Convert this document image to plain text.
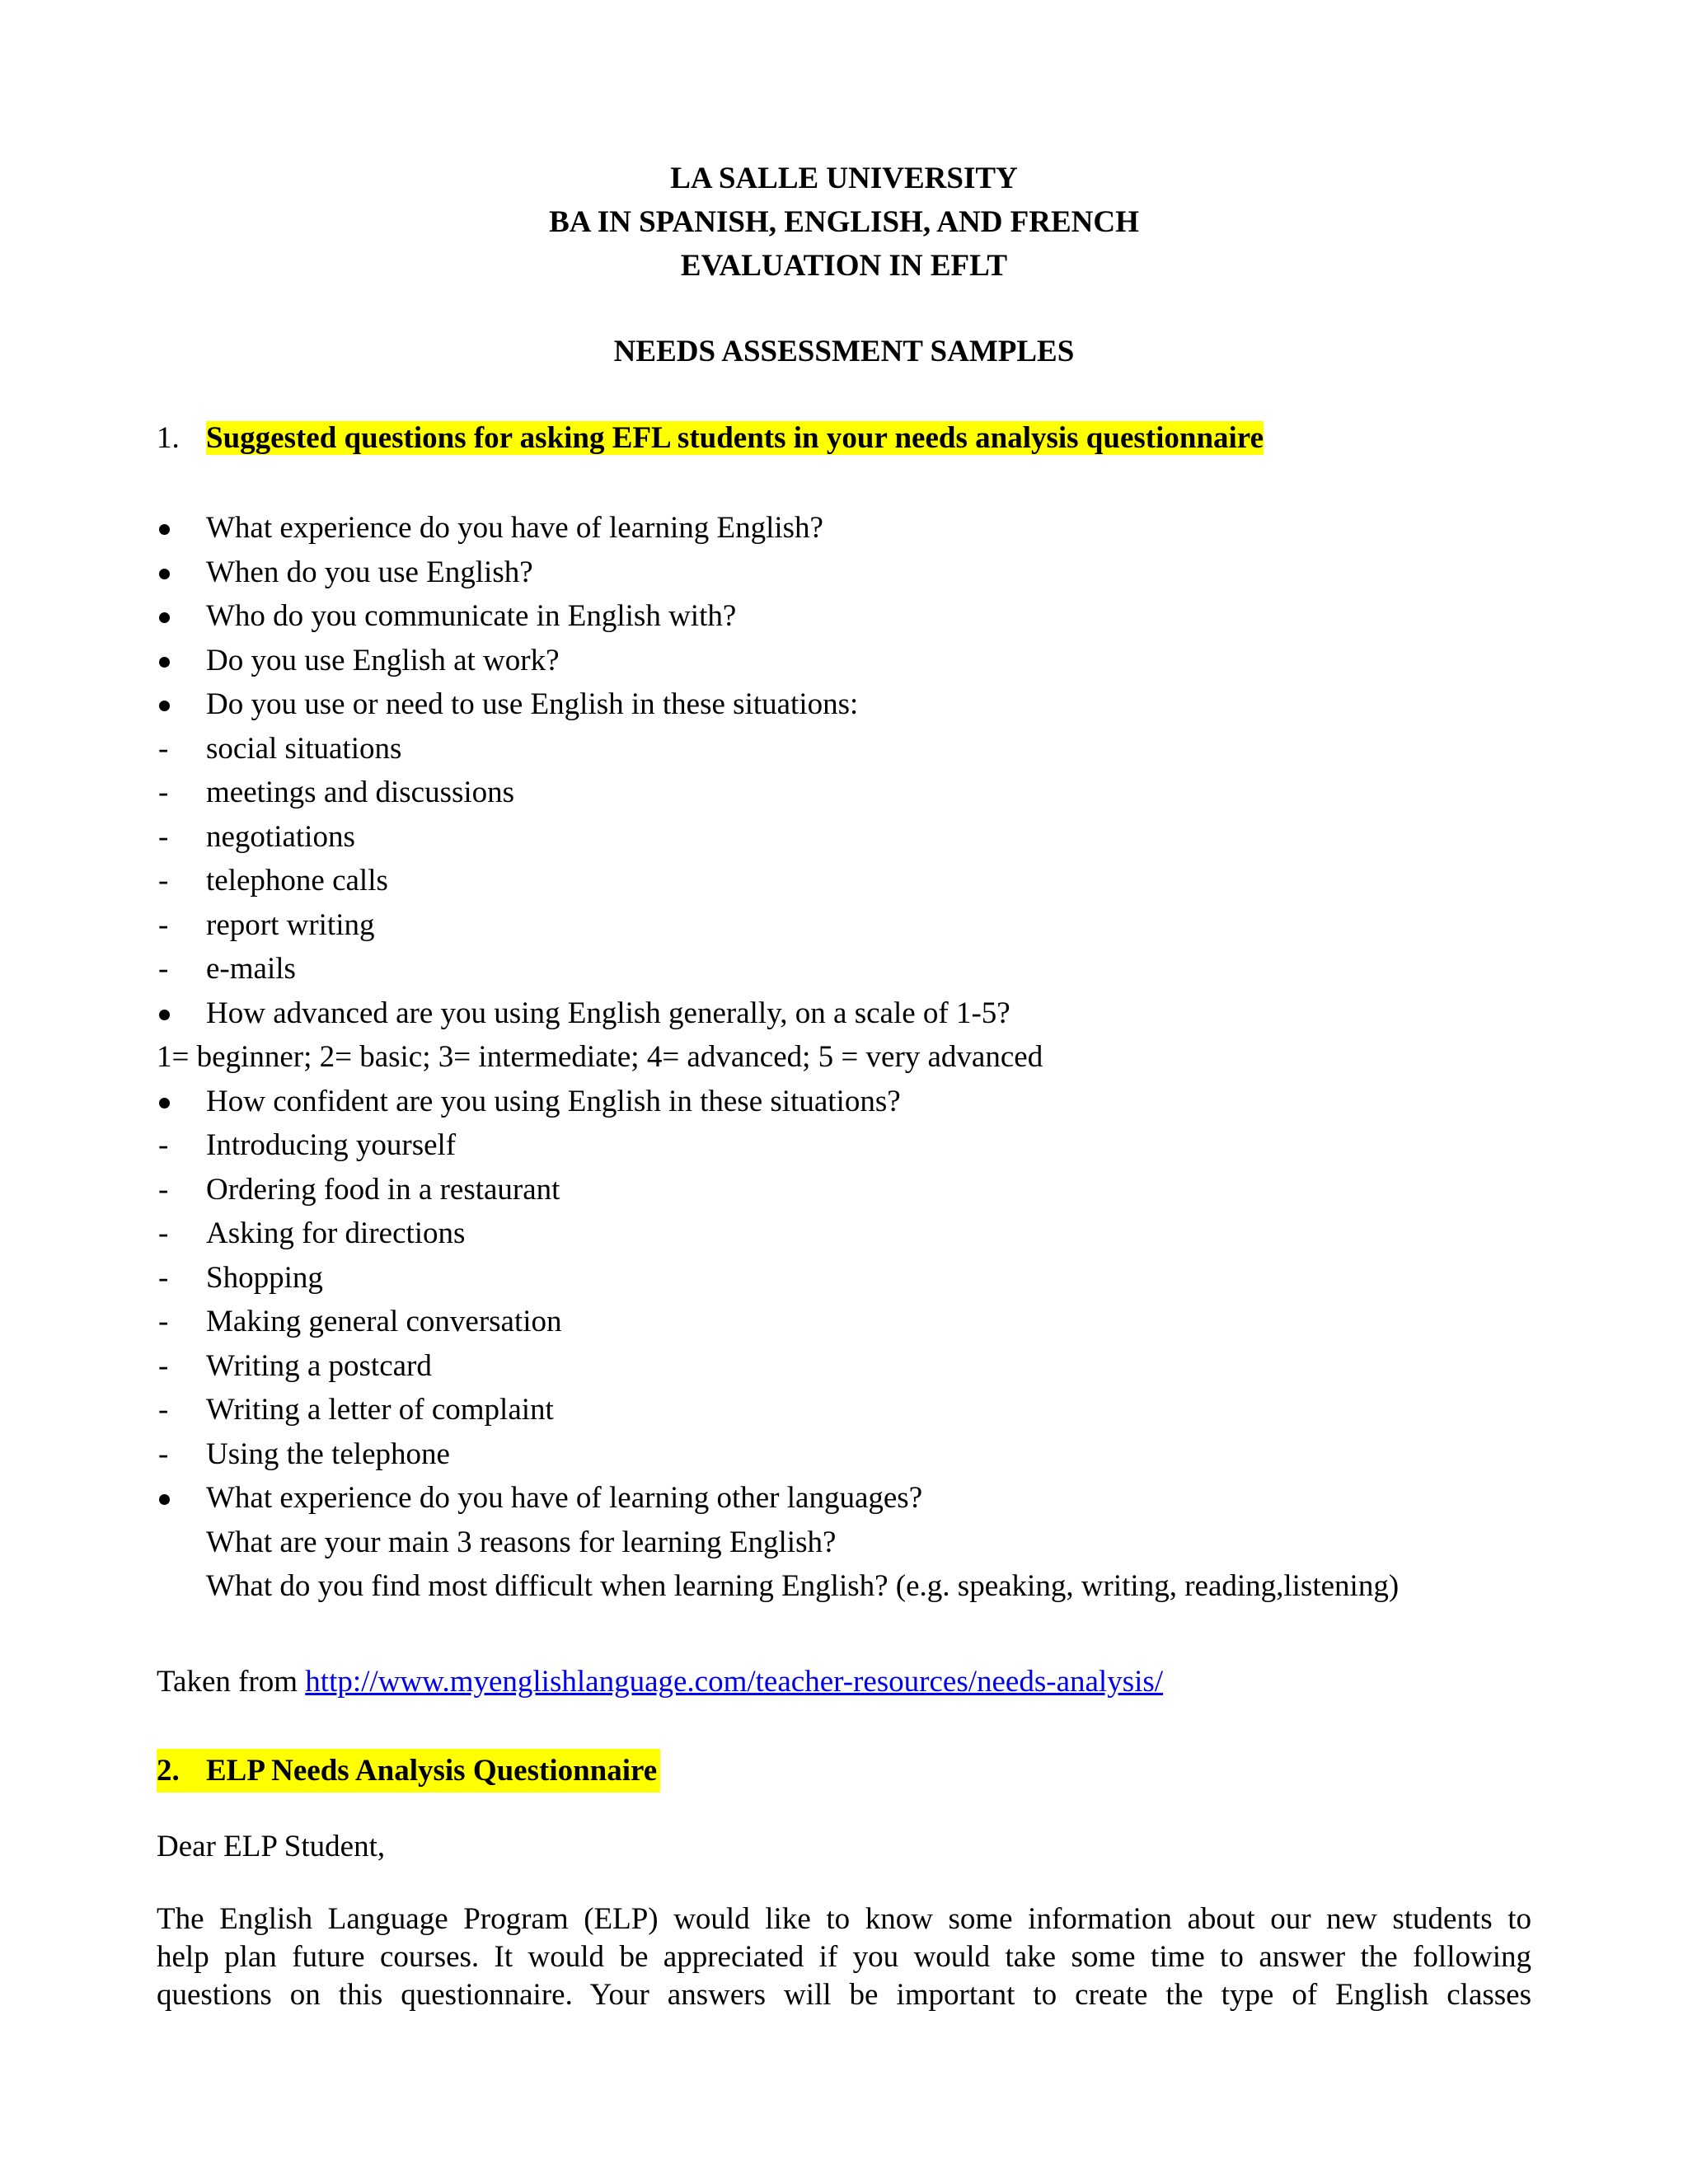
LA SALLE UNIVERSITY
BA IN SPANISH, ENGLISH, AND FRENCH
EVALUATION IN EFLT
NEEDS ASSESSMENT SAMPLES
1. Suggested questions for asking EFL students in your needs analysis questionnaire
What experience do you have of learning English?
When do you use English?
Who do you communicate in English with?
Do you use English at work?
Do you use or need to use English in these situations:
- social situations
- meetings and discussions
- negotiations
- telephone calls
- report writing
- e-mails
How advanced are you using English generally, on a scale of 1-5?
1= beginner; 2= basic; 3= intermediate; 4= advanced; 5 = very advanced
How confident are you using English in these situations?
- Introducing yourself
- Ordering food in a restaurant
- Asking for directions
- Shopping
- Making general conversation
- Writing a postcard
- Writing a letter of complaint
- Using the telephone
What experience do you have of learning other languages?
What are your main 3 reasons for learning English?
What do you find most difficult when learning English? (e.g. speaking, writing, reading,listening)
Taken from http://www.myenglishlanguage.com/teacher-resources/needs-analysis/
2. ELP Needs Analysis Questionnaire
Dear ELP Student,
The English Language Program (ELP) would like to know some information about our new students to
help plan future courses. It would be appreciated if you would take some time to answer the following
questions on this questionnaire. Your answers will be important to create the type of English classes
